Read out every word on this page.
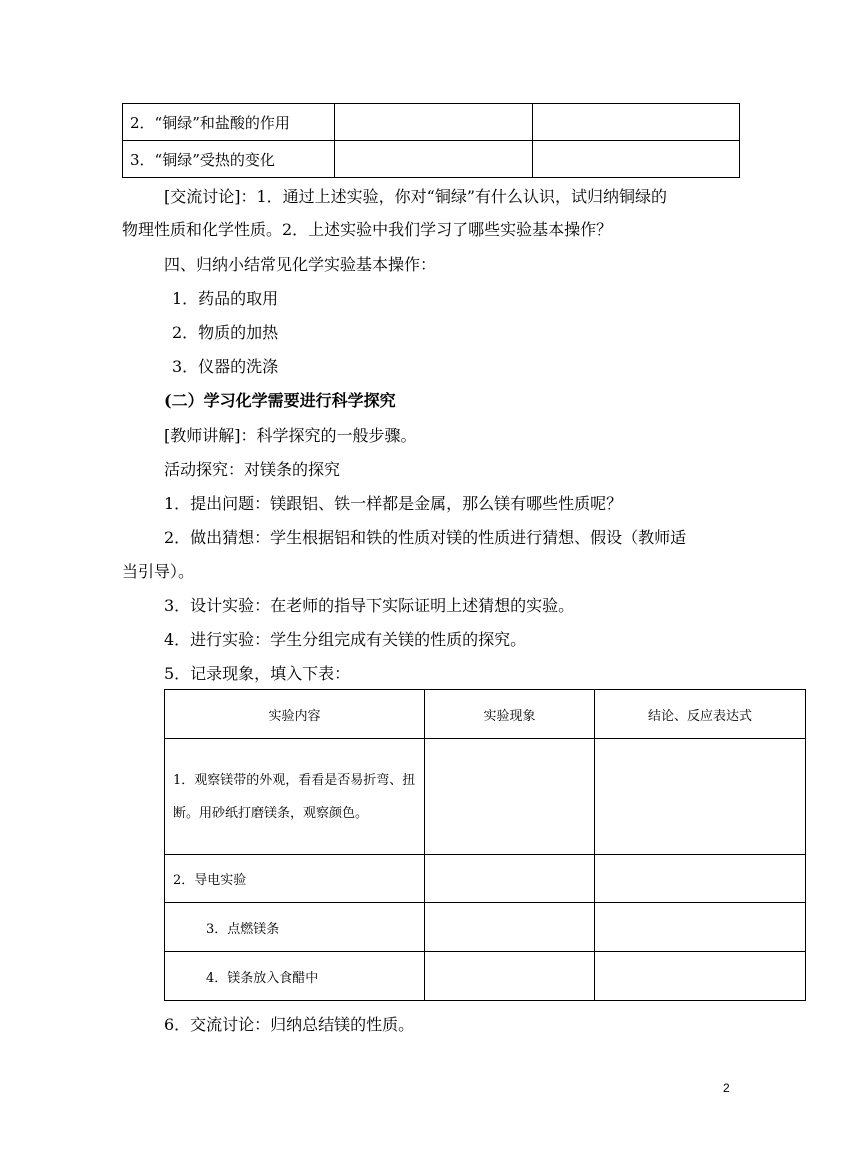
2．“铜绿”和盐酸的作用		
3．“铜绿”受热的变化		
[交流讨论]：1．通过上述实验，你对“铜绿”有什么认识，试归纳铜绿的
物理性质和化学性质。2．上述实验中我们学习了哪些实验基本操作？
四、归纳小结常见化学实验基本操作：
1．药品的取用
2．物质的加热
3．仪器的洗涤
(二）学习化学需要进行科学探究
[教师讲解]：科学探究的一般步骤。
活动探究：对镁条的探究
1．提出问题：镁跟铝、铁一样都是金属，那么镁有哪些性质呢？
2．做出猜想：学生根据铝和铁的性质对镁的性质进行猜想、假设（教师适
当引导）。
3．设计实验：在老师的指导下实际证明上述猜想的实验。
4．进行实验：学生分组完成有关镁的性质的探究。
5．记录现象，填入下表：
实验内容	实验现象	结论、反应表达式
1．观察镁带的外观，看看是否易折弯、扭断。用砂纸打磨镁条，观察颜色。		
2．导电实验		
3．点燃镁条		
4．镁条放入食醋中		
6．交流讨论：归纳总结镁的性质。
2
